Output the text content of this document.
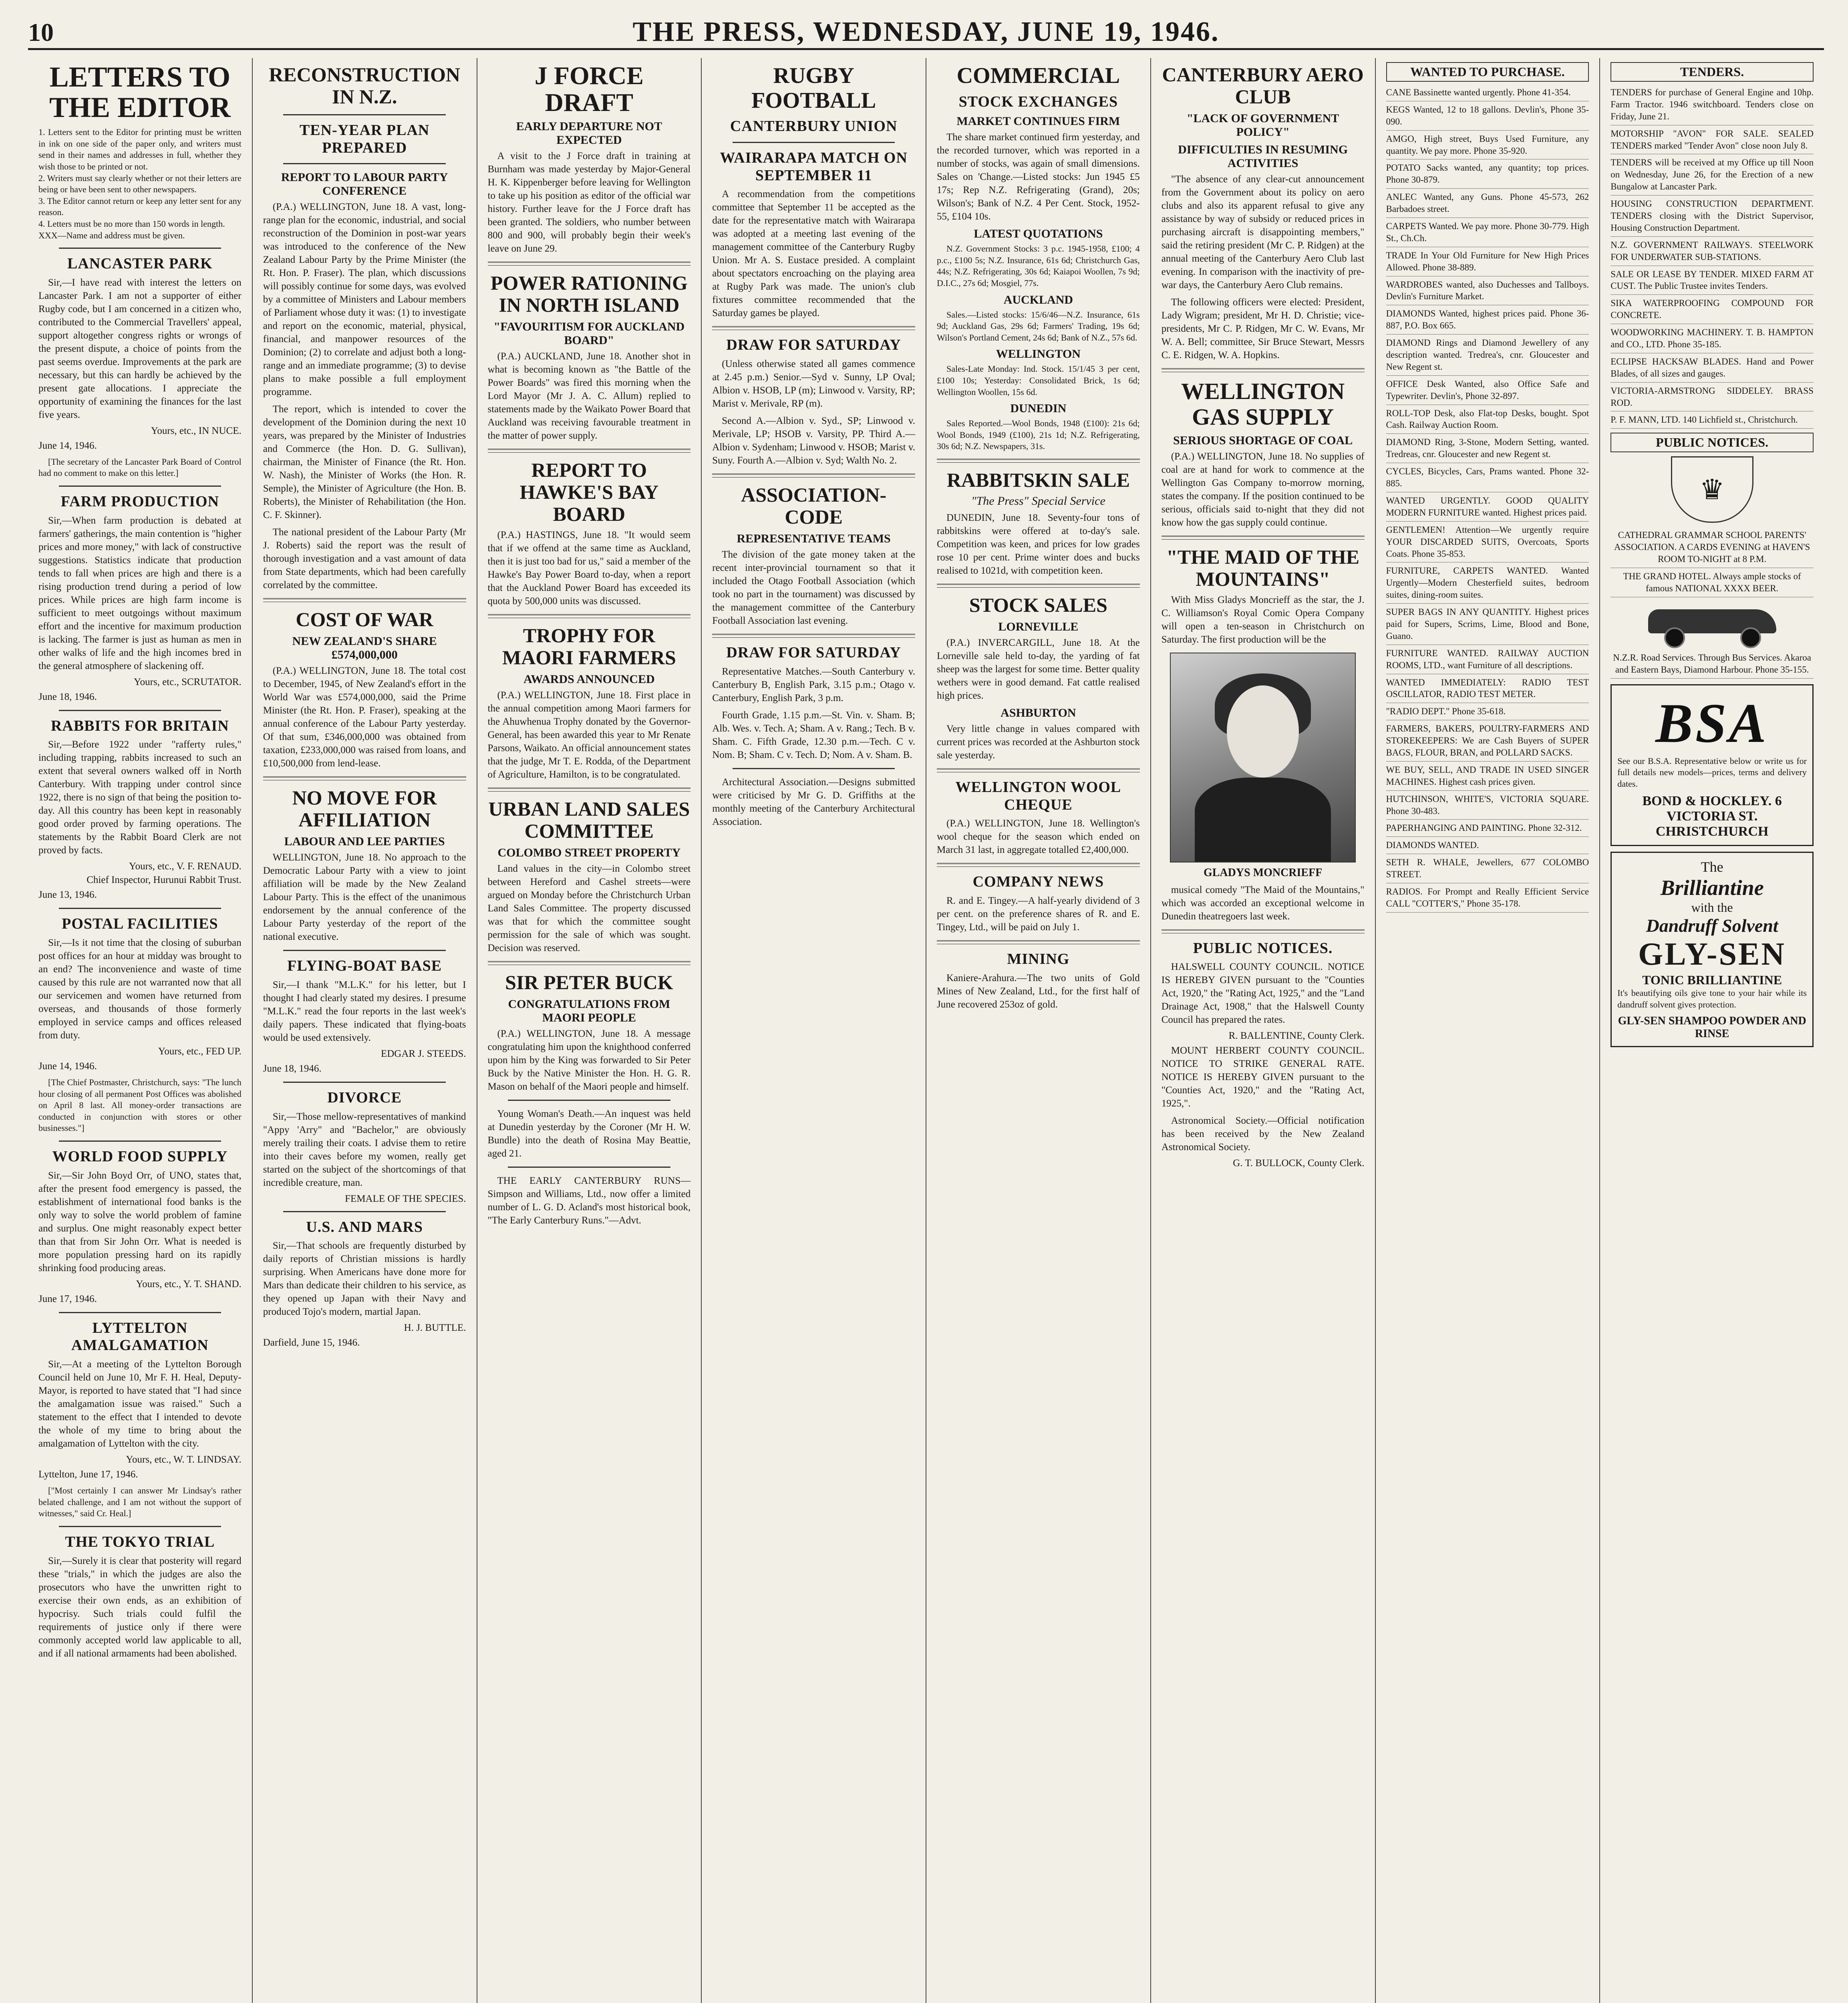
10	THE PRESS, WEDNESDAY, JUNE 19, 1946.
LETTERS TO THE EDITOR
1. Letters sent to the Editor for printing must be written in ink on one side of the paper only, and writers must send in their names and addresses in full, whether they wish those to be printed or not.
2. Writers must say clearly whether or not their letters are being or have been sent to other newspapers.
3. The Editor cannot return or keep any letter sent for any reason.
4. Letters must be no more than 150 words in length.

XXX—Name and address must be given.

LANCASTER PARK

Sir,—I have read with interest the letters on Lancaster Park. I am not a supporter of either Rugby code, but I am concerned in a citizen who, contributed to the Commercial Travellers' appeal, support altogether congress rights or wrongs of the present dispute, a choice of points from the past seems overdue. Improvements at the park are necessary, but this can hardly be achieved by the present gate allocations. I appreciate the opportunity of examining the finances for the last five years.

Yours, etc., IN NUCE.

June 14, 1946.

[The secretary of the Lancaster Park Board of Control had no comment to make on this letter.]

FARM PRODUCTION

Sir,—When farm production is debated at farmers' gatherings, the main contention is "higher prices and more money," with lack of constructive suggestions. Statistics indicate that production tends to fall when prices are high and there is a rising production trend during a period of low prices. While prices are high farm income is sufficient to meet outgoings without maximum effort and the incentive for maximum production is lacking. The farmer is just as human as men in other walks of life and the high incomes bred in the general atmosphere of slackening off.

Yours, etc., SCRUTATOR.

June 18, 1946.

RABBITS FOR BRITAIN

Sir,—Before 1922 under "rafferty rules," including trapping, rabbits increased to such an extent that several owners walked off in North Canterbury. With trapping under control since 1922, there is no sign of that being the position to-day. All this country has been kept in reasonably good order proved by farming operations. The statements by the Rabbit Board Clerk are not proved by facts.

Yours, etc., V. F. RENAUD.
Chief Inspector, Hurunui Rabbit Trust.

June 13, 1946.

POSTAL FACILITIES

Sir,—Is it not time that the closing of suburban post offices for an hour at midday was brought to an end? The inconvenience and waste of time caused by this rule are not warranted now that all our servicemen and women have returned from overseas, and thousands of those formerly employed in service camps and offices released from duty.

Yours, etc., FED UP.

June 14, 1946.

[The Chief Postmaster, Christchurch, says: "The lunch hour closing of all permanent Post Offices was abolished on April 8 last. All money-order transactions are conducted in conjunction with stores or other businesses."]

WORLD FOOD SUPPLY

Sir,—Sir John Boyd Orr, of UNO, states that, after the present food emergency is passed, the establishment of international food banks is the only way to solve the world problem of famine and surplus. One might reasonably expect better than that from Sir John Orr. What is needed is more population pressing hard on its rapidly shrinking food producing areas.

Yours, etc., Y. T. SHAND.

June 17, 1946.

LYTTELTON AMALGAMATION

Sir,—At a meeting of the Lyttelton Borough Council held on June 10, Mr F. H. Heal, Deputy-Mayor, is reported to have stated that "I had since the amalgamation issue was raised." Such a statement to the effect that I intended to devote the whole of my time to bring about the amalgamation of Lyttelton with the city.

Yours, etc., W. T. LINDSAY.

Lyttelton, June 17, 1946.

["Most certainly I can answer Mr Lindsay's rather belated challenge, and I am not without the support of witnesses," said Cr. Heal.]

THE TOKYO TRIAL

Sir,—Surely it is clear that posterity will regard these "trials," in which the judges are also the prosecutors who have the unwritten right to exercise their own ends, as an exhibition of hypocrisy. Such trials could fulfil the requirements of justice only if there were commonly accepted world law applicable to all, and if all national armaments had been abolished.

RECONSTRUCTION IN N.Z.
TEN-YEAR PLAN PREPARED
REPORT TO LABOUR PARTY CONFERENCE

(P.A.) WELLINGTON, June 18. A vast, long-range plan for the economic, industrial, and social reconstruction of the Dominion in post-war years was introduced to the conference of the New Zealand Labour Party by the Prime Minister (the Rt. Hon. P. Fraser). The plan, which discussions will possibly continue for some days, was evolved by a committee of Ministers and Labour members of Parliament whose duty it was: (1) to investigate and report on the economic, material, physical, financial, and manpower resources of the Dominion; (2) to correlate and adjust both a long-range and an immediate programme; (3) to devise plans to make possible a full employment programme.

The report, which is intended to cover the development of the Dominion during the next 10 years, was prepared by the Minister of Industries and Commerce (the Hon. D. G. Sullivan), chairman, the Minister of Finance (the Rt. Hon. W. Nash), the Minister of Works (the Hon. R. Semple), the Minister of Agriculture (the Hon. B. Roberts), the Minister of Rehabilitation (the Hon. C. F. Skinner).

The national president of the Labour Party (Mr J. Roberts) said the report was the result of thorough investigation and a vast amount of data from State departments, which had been carefully correlated by the committee.

COST OF WAR
NEW ZEALAND'S SHARE £574,000,000

(P.A.) WELLINGTON, June 18. The total cost to December, 1945, of New Zealand's effort in the World War was £574,000,000, said the Prime Minister (the Rt. Hon. P. Fraser), speaking at the annual conference of the Labour Party yesterday. Of that sum, £346,000,000 was obtained from taxation, £233,000,000 was raised from loans, and £10,500,000 from lend-lease.

NO MOVE FOR AFFILIATION
LABOUR AND LEE PARTIES

WELLINGTON, June 18. No approach to the Democratic Labour Party with a view to joint affiliation will be made by the New Zealand Labour Party. This is the effect of the unanimous endorsement by the annual conference of the Labour Party yesterday of the report of the national executive.

FLYING-BOAT BASE

Sir,—I thank "M.L.K." for his letter, but I thought I had clearly stated my desires. I presume "M.L.K." read the four reports in the last week's daily papers. These indicated that flying-boats would be used extensively.

EDGAR J. STEEDS.

June 18, 1946.

DIVORCE

Sir,—Those mellow-representatives of mankind "Appy 'Arry" and "Bachelor," are obviously merely trailing their coats. I advise them to retire into their caves before my women, really get started on the subject of the shortcomings of that incredible creature, man.

FEMALE OF THE SPECIES.
U.S. AND MARS

Sir,—That schools are frequently disturbed by daily reports of Christian missions is hardly surprising. When Americans have done more for Mars than dedicate their children to his service, as they opened up Japan with their Navy and produced Tojo's modern, martial Japan.

H. J. BUTTLE.

Darfield, June 15, 1946.

J FORCE DRAFT
EARLY DEPARTURE NOT EXPECTED

A visit to the J Force draft in training at Burnham was made yesterday by Major-General H. K. Kippenberger before leaving for Wellington to take up his position as editor of the official war history. Further leave for the J Force draft has been granted. The soldiers, who number between 800 and 900, will probably begin their week's leave on June 29.

POWER RATIONING IN NORTH ISLAND
"FAVOURITISM FOR AUCKLAND BOARD"

(P.A.) AUCKLAND, June 18. Another shot in what is becoming known as "the Battle of the Power Boards" was fired this morning when the Lord Mayor (Mr J. A. C. Allum) replied to statements made by the Waikato Power Board that Auckland was receiving favourable treatment in the matter of power supply.

REPORT TO HAWKE'S BAY BOARD

(P.A.) HASTINGS, June 18. "It would seem that if we offend at the same time as Auckland, then it is just too bad for us," said a member of the Hawke's Bay Power Board to-day, when a report that the Auckland Power Board has exceeded its quota by 500,000 units was discussed.

TROPHY FOR MAORI FARMERS
AWARDS ANNOUNCED

(P.A.) WELLINGTON, June 18. First place in the annual competition among Maori farmers for the Ahuwhenua Trophy donated by the Governor-General, has been awarded this year to Mr Renate Parsons, Waikato. An official announcement states that the judge, Mr T. E. Rodda, of the Department of Agriculture, Hamilton, is to be congratulated.

URBAN LAND SALES COMMITTEE
COLOMBO STREET PROPERTY

Land values in the city—in Colombo street between Hereford and Cashel streets—were argued on Monday before the Christchurch Urban Land Sales Committee. The property discussed was that for which the committee sought permission for the sale of which was sought. Decision was reserved.

SIR PETER BUCK
CONGRATULATIONS FROM MAORI PEOPLE

(P.A.) WELLINGTON, June 18. A message congratulating him upon the knighthood conferred upon him by the King was forwarded to Sir Peter Buck by the Native Minister the Hon. H. G. R. Mason on behalf of the Maori people and himself.

Young Woman's Death.—An inquest was held at Dunedin yesterday by the Coroner (Mr H. W. Bundle) into the death of Rosina May Beattie, aged 21.

THE EARLY CANTERBURY RUNS—Simpson and Williams, Ltd., now offer a limited number of L. G. D. Acland's most historical book, "The Early Canterbury Runs."—Advt.

RUGBY FOOTBALL
CANTERBURY UNION
WAIRARAPA MATCH ON SEPTEMBER 11

A recommendation from the competitions committee that September 11 be accepted as the date for the representative match with Wairarapa was adopted at a meeting last evening of the management committee of the Canterbury Rugby Union. Mr A. S. Eustace presided. A complaint about spectators encroaching on the playing area at Rugby Park was made. The union's club fixtures committee recommended that the Saturday games be played.

DRAW FOR SATURDAY

(Unless otherwise stated all games commence at 2.45 p.m.) Senior.—Syd v. Sunny, LP Oval; Albion v. HSOB, LP (m); Linwood v. Varsity, RP; Marist v. Merivale, RP (m).

Second A.—Albion v. Syd., SP; Linwood v. Merivale, LP; HSOB v. Varsity, PP. Third A.—Albion v. Sydenham; Linwood v. HSOB; Marist v. Suny. Fourth A.—Albion v. Syd; Walth No. 2.

ASSOCIATION-CODE
REPRESENTATIVE TEAMS

The division of the gate money taken at the recent inter-provincial tournament so that it included the Otago Football Association (which took no part in the tournament) was discussed by the management committee of the Canterbury Football Association last evening.

DRAW FOR SATURDAY

Representative Matches.—South Canterbury v. Canterbury B, English Park, 3.15 p.m.; Otago v. Canterbury, English Park, 3 p.m.

Fourth Grade, 1.15 p.m.—St. Vin. v. Sham. B; Alb. Wes. v. Tech. A; Sham. A v. Rang.; Tech. B v. Sham. C. Fifth Grade, 12.30 p.m.—Tech. C v. Nom. B; Sham. C v. Tech. D; Nom. A v. Sham. B.

Architectural Association.—Designs submitted were criticised by Mr G. D. Griffiths at the monthly meeting of the Canterbury Architectural Association.

COMMERCIAL
STOCK EXCHANGES
MARKET CONTINUES FIRM

The share market continued firm yesterday, and the recorded turnover, which was reported in a number of stocks, was again of small dimensions. Sales on 'Change.—Listed stocks: Jun 1945 £5 17s; Rep N.Z. Refrigerating (Grand), 20s; Wilson's; Bank of N.Z. 4 Per Cent. Stock, 1952-55, £104 10s.

LATEST QUOTATIONS

N.Z. Government Stocks: 3 p.c. 1945-1958, £100; 4 p.c., £100 5s; N.Z. Insurance, 61s 6d; Christchurch Gas, 44s; N.Z. Refrigerating, 30s 6d; Kaiapoi Woollen, 7s 9d; D.I.C., 27s 6d; Mosgiel, 77s.

AUCKLAND

Sales.—Listed stocks: 15/6/46—N.Z. Insurance, 61s 9d; Auckland Gas, 29s 6d; Farmers' Trading, 19s 6d; Wilson's Portland Cement, 24s 6d; Bank of N.Z., 57s 6d.

WELLINGTON

Sales-Late Monday: Ind. Stock. 15/1/45 3 per cent, £100 10s; Yesterday: Consolidated Brick, 1s 6d; Wellington Woollen, 15s 6d.

DUNEDIN

Sales Reported.—Wool Bonds, 1948 (£100): 21s 6d; Wool Bonds, 1949 (£100), 21s 1d; N.Z. Refrigerating, 30s 6d; N.Z. Newspapers, 31s.

RABBITSKIN SALE
"The Press" Special Service

DUNEDIN, June 18. Seventy-four tons of rabbitskins were offered at to-day's sale. Competition was keen, and prices for low grades rose 10 per cent. Prime winter does and bucks realised to 1021d, with competition keen.

STOCK SALES
LORNEVILLE

(P.A.) INVERCARGILL, June 18. At the Lorneville sale held to-day, the yarding of fat sheep was the largest for some time. Better quality wethers were in good demand. Fat cattle realised high prices.

ASHBURTON

Very little change in values compared with current prices was recorded at the Ashburton stock sale yesterday.

WELLINGTON WOOL CHEQUE

(P.A.) WELLINGTON, June 18. Wellington's wool cheque for the season which ended on March 31 last, in aggregate totalled £2,400,000.

COMPANY NEWS

R. and E. Tingey.—A half-yearly dividend of 3 per cent. on the preference shares of R. and E. Tingey, Ltd., will be paid on July 1.

MINING

Kaniere-Arahura.—The two units of Gold Mines of New Zealand, Ltd., for the first half of June recovered 253oz of gold.

CANTERBURY AERO CLUB
"LACK OF GOVERNMENT POLICY"
DIFFICULTIES IN RESUMING ACTIVITIES

"The absence of any clear-cut announcement from the Government about its policy on aero clubs and also its apparent refusal to give any assistance by way of subsidy or reduced prices in purchasing aircraft is disappointing members," said the retiring president (Mr C. P. Ridgen) at the annual meeting of the Canterbury Aero Club last evening. In comparison with the inactivity of pre-war days, the Canterbury Aero Club remains.

The following officers were elected: President, Lady Wigram; president, Mr H. D. Christie; vice-presidents, Mr C. P. Ridgen, Mr C. W. Evans, Mr W. A. Bell; committee, Sir Bruce Stewart, Messrs C. E. Ridgen, W. A. Hopkins.

WELLINGTON GAS SUPPLY
SERIOUS SHORTAGE OF COAL

(P.A.) WELLINGTON, June 18. No supplies of coal are at hand for work to commence at the Wellington Gas Company to-morrow morning, states the company. If the position continued to be serious, officials said to-night that they did not know how the gas supply could continue.

"THE MAID OF THE MOUNTAINS"

With Miss Gladys Moncrieff as the star, the J. C. Williamson's Royal Comic Opera Company will open a ten-season in Christchurch on Saturday. The first production will be the

GLADYS MONCRIEFF

musical comedy "The Maid of the Mountains," which was accorded an exceptional welcome in Dunedin theatregoers last week.

PUBLIC NOTICES.

HALSWELL COUNTY COUNCIL. NOTICE IS HEREBY GIVEN pursuant to the "Counties Act, 1920," the "Rating Act, 1925," and the "Land Drainage Act, 1908," that the Halswell County Council has prepared the rates.

R. BALLENTINE, County Clerk.

MOUNT HERBERT COUNTY COUNCIL. NOTICE TO STRIKE GENERAL RATE. NOTICE IS HEREBY GIVEN pursuant to the "Counties Act, 1920," and the "Rating Act, 1925,".

Astronomical Society.—Official notification has been received by the New Zealand Astronomical Society.

G. T. BULLOCK, County Clerk.
WANTED TO PURCHASE.
CANE Bassinette wanted urgently. Phone 41-354.
KEGS Wanted, 12 to 18 gallons. Devlin's, Phone 35-090.
AMGO, High street, Buys Used Furniture, any quantity. We pay more. Phone 35-920.
POTATO Sacks wanted, any quantity; top prices. Phone 30-879.
ANLEC Wanted, any Guns. Phone 45-573, 262 Barbadoes street.
CARPETS Wanted. We pay more. Phone 30-779. High St., Ch.Ch.
TRADE In Your Old Furniture for New High Prices Allowed. Phone 38-889.
WARDROBES wanted, also Duchesses and Tallboys. Devlin's Furniture Market.
DIAMONDS Wanted, highest prices paid. Phone 36-887, P.O. Box 665.
DIAMOND Rings and Diamond Jewellery of any description wanted. Tredrea's, cnr. Gloucester and New Regent st.
OFFICE Desk Wanted, also Office Safe and Typewriter. Devlin's, Phone 32-897.
ROLL-TOP Desk, also Flat-top Desks, bought. Spot Cash. Railway Auction Room.
DIAMOND Ring, 3-Stone, Modern Setting, wanted. Tredreas, cnr. Gloucester and new Regent st.
CYCLES, Bicycles, Cars, Prams wanted. Phone 32-885.
WANTED URGENTLY. GOOD QUALITY MODERN FURNITURE wanted. Highest prices paid.
GENTLEMEN! Attention—We urgently require YOUR DISCARDED SUITS, Overcoats, Sports Coats. Phone 35-853.
FURNITURE, CARPETS WANTED. Wanted Urgently—Modern Chesterfield suites, bedroom suites, dining-room suites.
SUPER BAGS IN ANY QUANTITY. Highest prices paid for Supers, Scrims, Lime, Blood and Bone, Guano.
FURNITURE WANTED. RAILWAY AUCTION ROOMS, LTD., want Furniture of all descriptions.
WANTED IMMEDIATELY: RADIO TEST OSCILLATOR, RADIO TEST METER.
"RADIO DEPT." Phone 35-618.
FARMERS, BAKERS, POULTRY-FARMERS AND STOREKEEPERS: We are Cash Buyers of SUPER BAGS, FLOUR, BRAN, and POLLARD SACKS.
WE BUY, SELL, AND TRADE IN USED SINGER MACHINES. Highest cash prices given.
HUTCHINSON, WHITE'S, VICTORIA SQUARE. Phone 30-483.
PAPERHANGING AND PAINTING. Phone 32-312.
DIAMONDS WANTED.
SETH R. WHALE, Jewellers, 677 COLOMBO STREET.
RADIOS. For Prompt and Really Efficient Service CALL "COTTER'S," Phone 35-178.
TENDERS.
TENDERS for purchase of General Engine and 10hp. Farm Tractor. 1946 switchboard. Tenders close on Friday, June 21.
MOTORSHIP "AVON" FOR SALE. SEALED TENDERS marked "Tender Avon" close noon July 8.
TENDERS will be received at my Office up till Noon on Wednesday, June 26, for the Erection of a new Bungalow at Lancaster Park.
HOUSING CONSTRUCTION DEPARTMENT. TENDERS closing with the District Supervisor, Housing Construction Department.
N.Z. GOVERNMENT RAILWAYS. STEELWORK FOR UNDERWATER SUB-STATIONS.
SALE OR LEASE BY TENDER. MIXED FARM AT CUST. The Public Trustee invites Tenders.
SIKA WATERPROOFING COMPOUND FOR CONCRETE.
WOODWORKING MACHINERY. T. B. HAMPTON and CO., LTD. Phone 35-185.
ECLIPSE HACKSAW BLADES. Hand and Power Blades, of all sizes and gauges.
VICTORIA-ARMSTRONG SIDDELEY. BRASS ROD.
P. F. MANN, LTD. 140 Lichfield st., Christchurch.
PUBLIC NOTICES.
♛
CATHEDRAL GRAMMAR SCHOOL PARENTS' ASSOCIATION. A CARDS EVENING at HAVEN'S ROOM TO-NIGHT at 8 P.M.
THE GRAND HOTEL. Always ample stocks of famous NATIONAL XXXX BEER.
N.Z.R. Road Services. Through Bus Services. Akaroa and Eastern Bays, Diamond Harbour. Phone 35-155.
BSA

See our B.S.A. Representative below or write us for full details new models—prices, terms and delivery dates.

BOND & HOCKLEY. 6 VICTORIA ST. CHRISTCHURCH
The
Brilliantine
with the
Dandruff Solvent
GLY-SEN
TONIC BRILLIANTINE

It's beautifying oils give tone to your hair while its dandruff solvent gives protection.

GLY-SEN SHAMPOO POWDER AND RINSE
